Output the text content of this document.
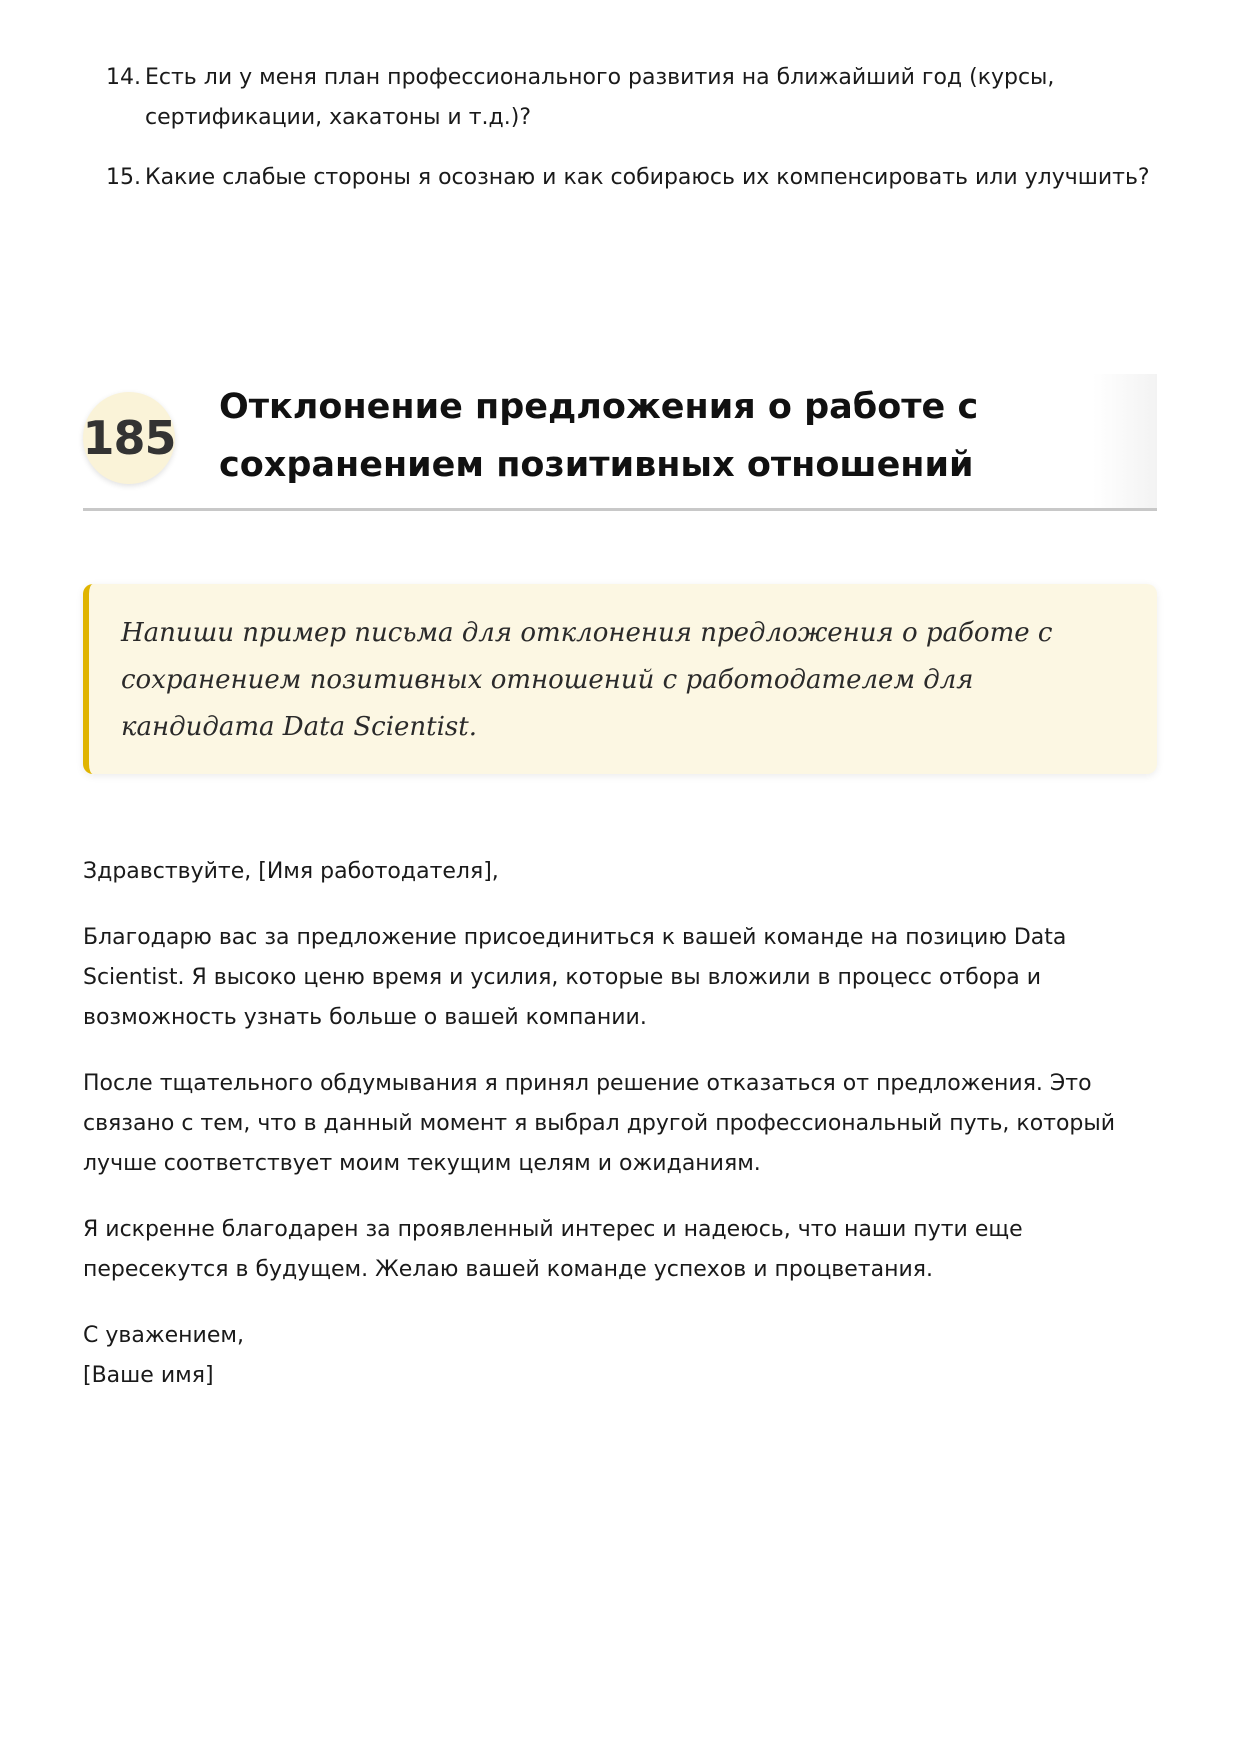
14. Есть ли у меня план профессионального развития на ближайший год (курсы, сертификации, хакатоны и т.д.)?
15. Какие слабые стороны я осознаю и как собираюсь их компенсировать или улучшить?
185
Отклонение предложения о работе с сохранением позитивных отношений

Напиши пример письма для отклонения предложения о работе с сохранением позитивных отношений с работодателем для кандидата Data Scientist.

Здравствуйте, [Имя работодателя],

Благодарю вас за предложение присоединиться к вашей команде на позицию Data Scientist. Я высоко ценю время и усилия, которые вы вложили в процесс отбора и возможность узнать больше о вашей компании.

После тщательного обдумывания я принял решение отказаться от предложения. Это связано с тем, что в данный момент я выбрал другой профессиональный путь, который лучше соответствует моим текущим целям и ожиданиям.

Я искренне благодарен за проявленный интерес и надеюсь, что наши пути еще пересекутся в будущем. Желаю вашей команде успехов и процветания.

С уважением,
[Ваше имя]
